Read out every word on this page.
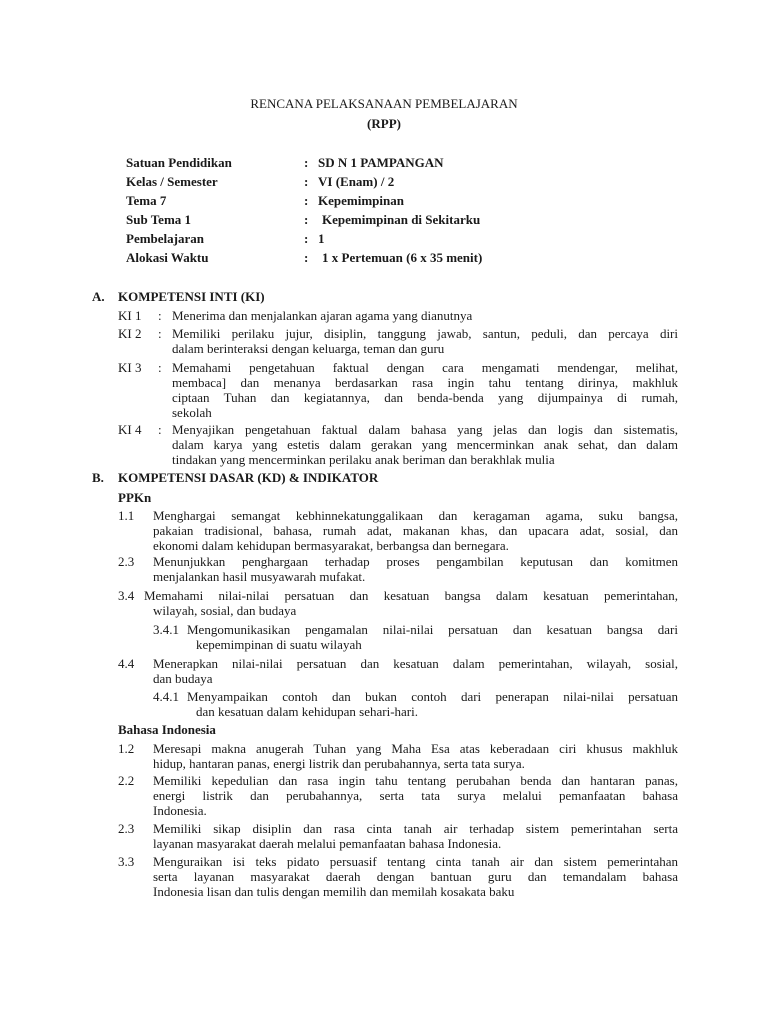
RENCANA PELAKSANAAN PEMBELAJARAN
(RPP)
Satuan Pendidikan	: SD N 1 PAMPANGAN
Kelas / Semester	: VI (Enam) / 2
Tema 7	: Kepemimpinan
Sub Tema 1	: Kepemimpinan di Sekitarku
Pembelajaran	: 1
Alokasi Waktu	: 1 x Pertemuan (6 x 35 menit)
A. KOMPETENSI INTI (KI)
KI 1 : Menerima dan menjalankan ajaran agama yang dianutnya
KI 2 : Memiliki perilaku jujur, disiplin, tanggung jawab, santun, peduli, dan percaya diri
dalam berinteraksi dengan keluarga, teman dan guru
KI 3 : Memahami pengetahuan faktual dengan cara mengamati mendengar, melihat,
membaca] dan menanya berdasarkan rasa ingin tahu tentang dirinya, makhluk
ciptaan Tuhan dan kegiatannya, dan benda-benda yang dijumpainya di rumah,
sekolah
KI 4 : Menyajikan pengetahuan faktual dalam bahasa yang jelas dan logis dan sistematis,
dalam karya yang estetis dalam gerakan yang mencerminkan anak sehat, dan dalam
tindakan yang mencerminkan perilaku anak beriman dan berakhlak mulia
B. KOMPETENSI DASAR (KD) & INDIKATOR
PPKn
1.1 Menghargai semangat kebhinnekatunggalikaan dan keragaman agama, suku bangsa,
pakaian tradisional, bahasa, rumah adat, makanan khas, dan upacara adat, sosial, dan
ekonomi dalam kehidupan bermasyarakat, berbangsa dan bernegara.
2.3 Menunjukkan penghargaan terhadap proses pengambilan keputusan dan komitmen
menjalankan hasil musyawarah mufakat.
3.4 Memahami nilai-nilai persatuan dan kesatuan bangsa dalam kesatuan pemerintahan,
wilayah, sosial, dan budaya
3.4.1 Mengomunikasikan pengamalan nilai-nilai persatuan dan kesatuan bangsa dari
kepemimpinan di suatu wilayah
4.4 Menerapkan nilai-nilai persatuan dan kesatuan dalam pemerintahan, wilayah, sosial,
dan budaya
4.4.1 Menyampaikan contoh dan bukan contoh dari penerapan nilai-nilai persatuan
dan kesatuan dalam kehidupan sehari-hari.
Bahasa Indonesia
1.2 Meresapi makna anugerah Tuhan yang Maha Esa atas keberadaan ciri khusus makhluk
hidup, hantaran panas, energi listrik dan perubahannya, serta tata surya.
2.2 Memiliki kepedulian dan rasa ingin tahu tentang perubahan benda dan hantaran panas,
energi listrik dan perubahannya, serta tata surya melalui pemanfaatan bahasa
Indonesia.
2.3 Memiliki sikap disiplin dan rasa cinta tanah air terhadap sistem pemerintahan serta
layanan masyarakat daerah melalui pemanfaatan bahasa Indonesia.
3.3 Menguraikan isi teks pidato persuasif tentang cinta tanah air dan sistem pemerintahan
serta layanan masyarakat daerah dengan bantuan guru dan temandalam bahasa
Indonesia lisan dan tulis dengan memilih dan memilah kosakata baku
